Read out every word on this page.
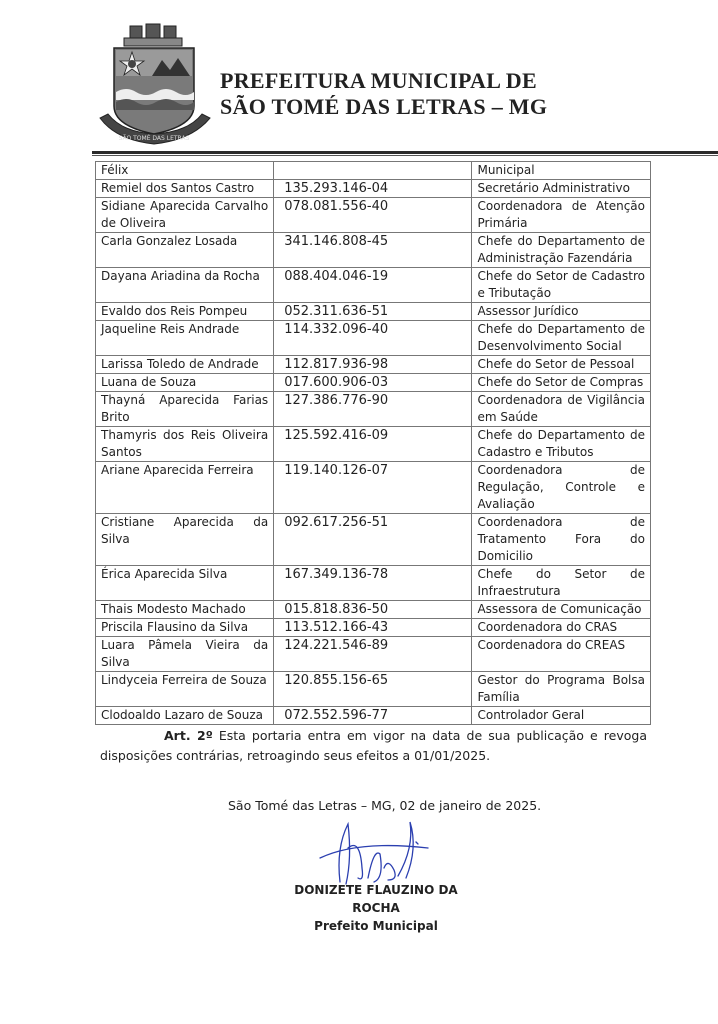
SÃO TOMÉ DAS LETRAS
PREFEITURA MUNICIPAL DE
SÃO TOMÉ DAS LETRAS – MG
Félix		Municipal
Remiel dos Santos Castro	135.293.146-04	Secretário Administrativo
Sidiane Aparecida Carvalho de Oliveira	078.081.556-40	Coordenadora de Atenção Primária
Carla Gonzalez Losada	341.146.808-45	Chefe do Departamento de Administração Fazendária
Dayana Ariadina da Rocha	088.404.046-19	Chefe do Setor de Cadastro e Tributação
Evaldo dos Reis Pompeu	052.311.636-51	Assessor Jurídico
Jaqueline Reis Andrade	114.332.096-40	Chefe do Departamento de Desenvolvimento Social
Larissa Toledo de Andrade	112.817.936-98	Chefe do Setor de Pessoal
Luana de Souza	017.600.906-03	Chefe do Setor de Compras
Thayná Aparecida Farias Brito	127.386.776-90	Coordenadora de Vigilância em Saúde
Thamyris dos Reis Oliveira Santos	125.592.416-09	Chefe do Departamento de Cadastro e Tributos
Ariane Aparecida Ferreira	119.140.126-07	Coordenadora de Regulação, Controle e Avaliação
Cristiane Aparecida da Silva	092.617.256-51	Coordenadora de Tratamento Fora do Domicilio
Érica Aparecida Silva	167.349.136-78	Chefe do Setor de Infraestrutura
Thais Modesto Machado	015.818.836-50	Assessora de Comunicação
Priscila Flausino da Silva	113.512.166-43	Coordenadora do CRAS
Luara Pâmela Vieira da Silva	124.221.546-89	Coordenadora do CREAS
Lindyceia Ferreira de Souza	120.855.156-65	Gestor do Programa Bolsa Família
Clodoaldo Lazaro de Souza	072.552.596-77	Controlador Geral
Art. 2º Esta portaria entra em vigor na data de sua publicação e revoga disposições contrárias, retroagindo seus efeitos a 01/01/2025.
São Tomé das Letras – MG, 02 de janeiro de 2025.
DONIZETE FLAUZINO DA ROCHA
Prefeito Municipal
